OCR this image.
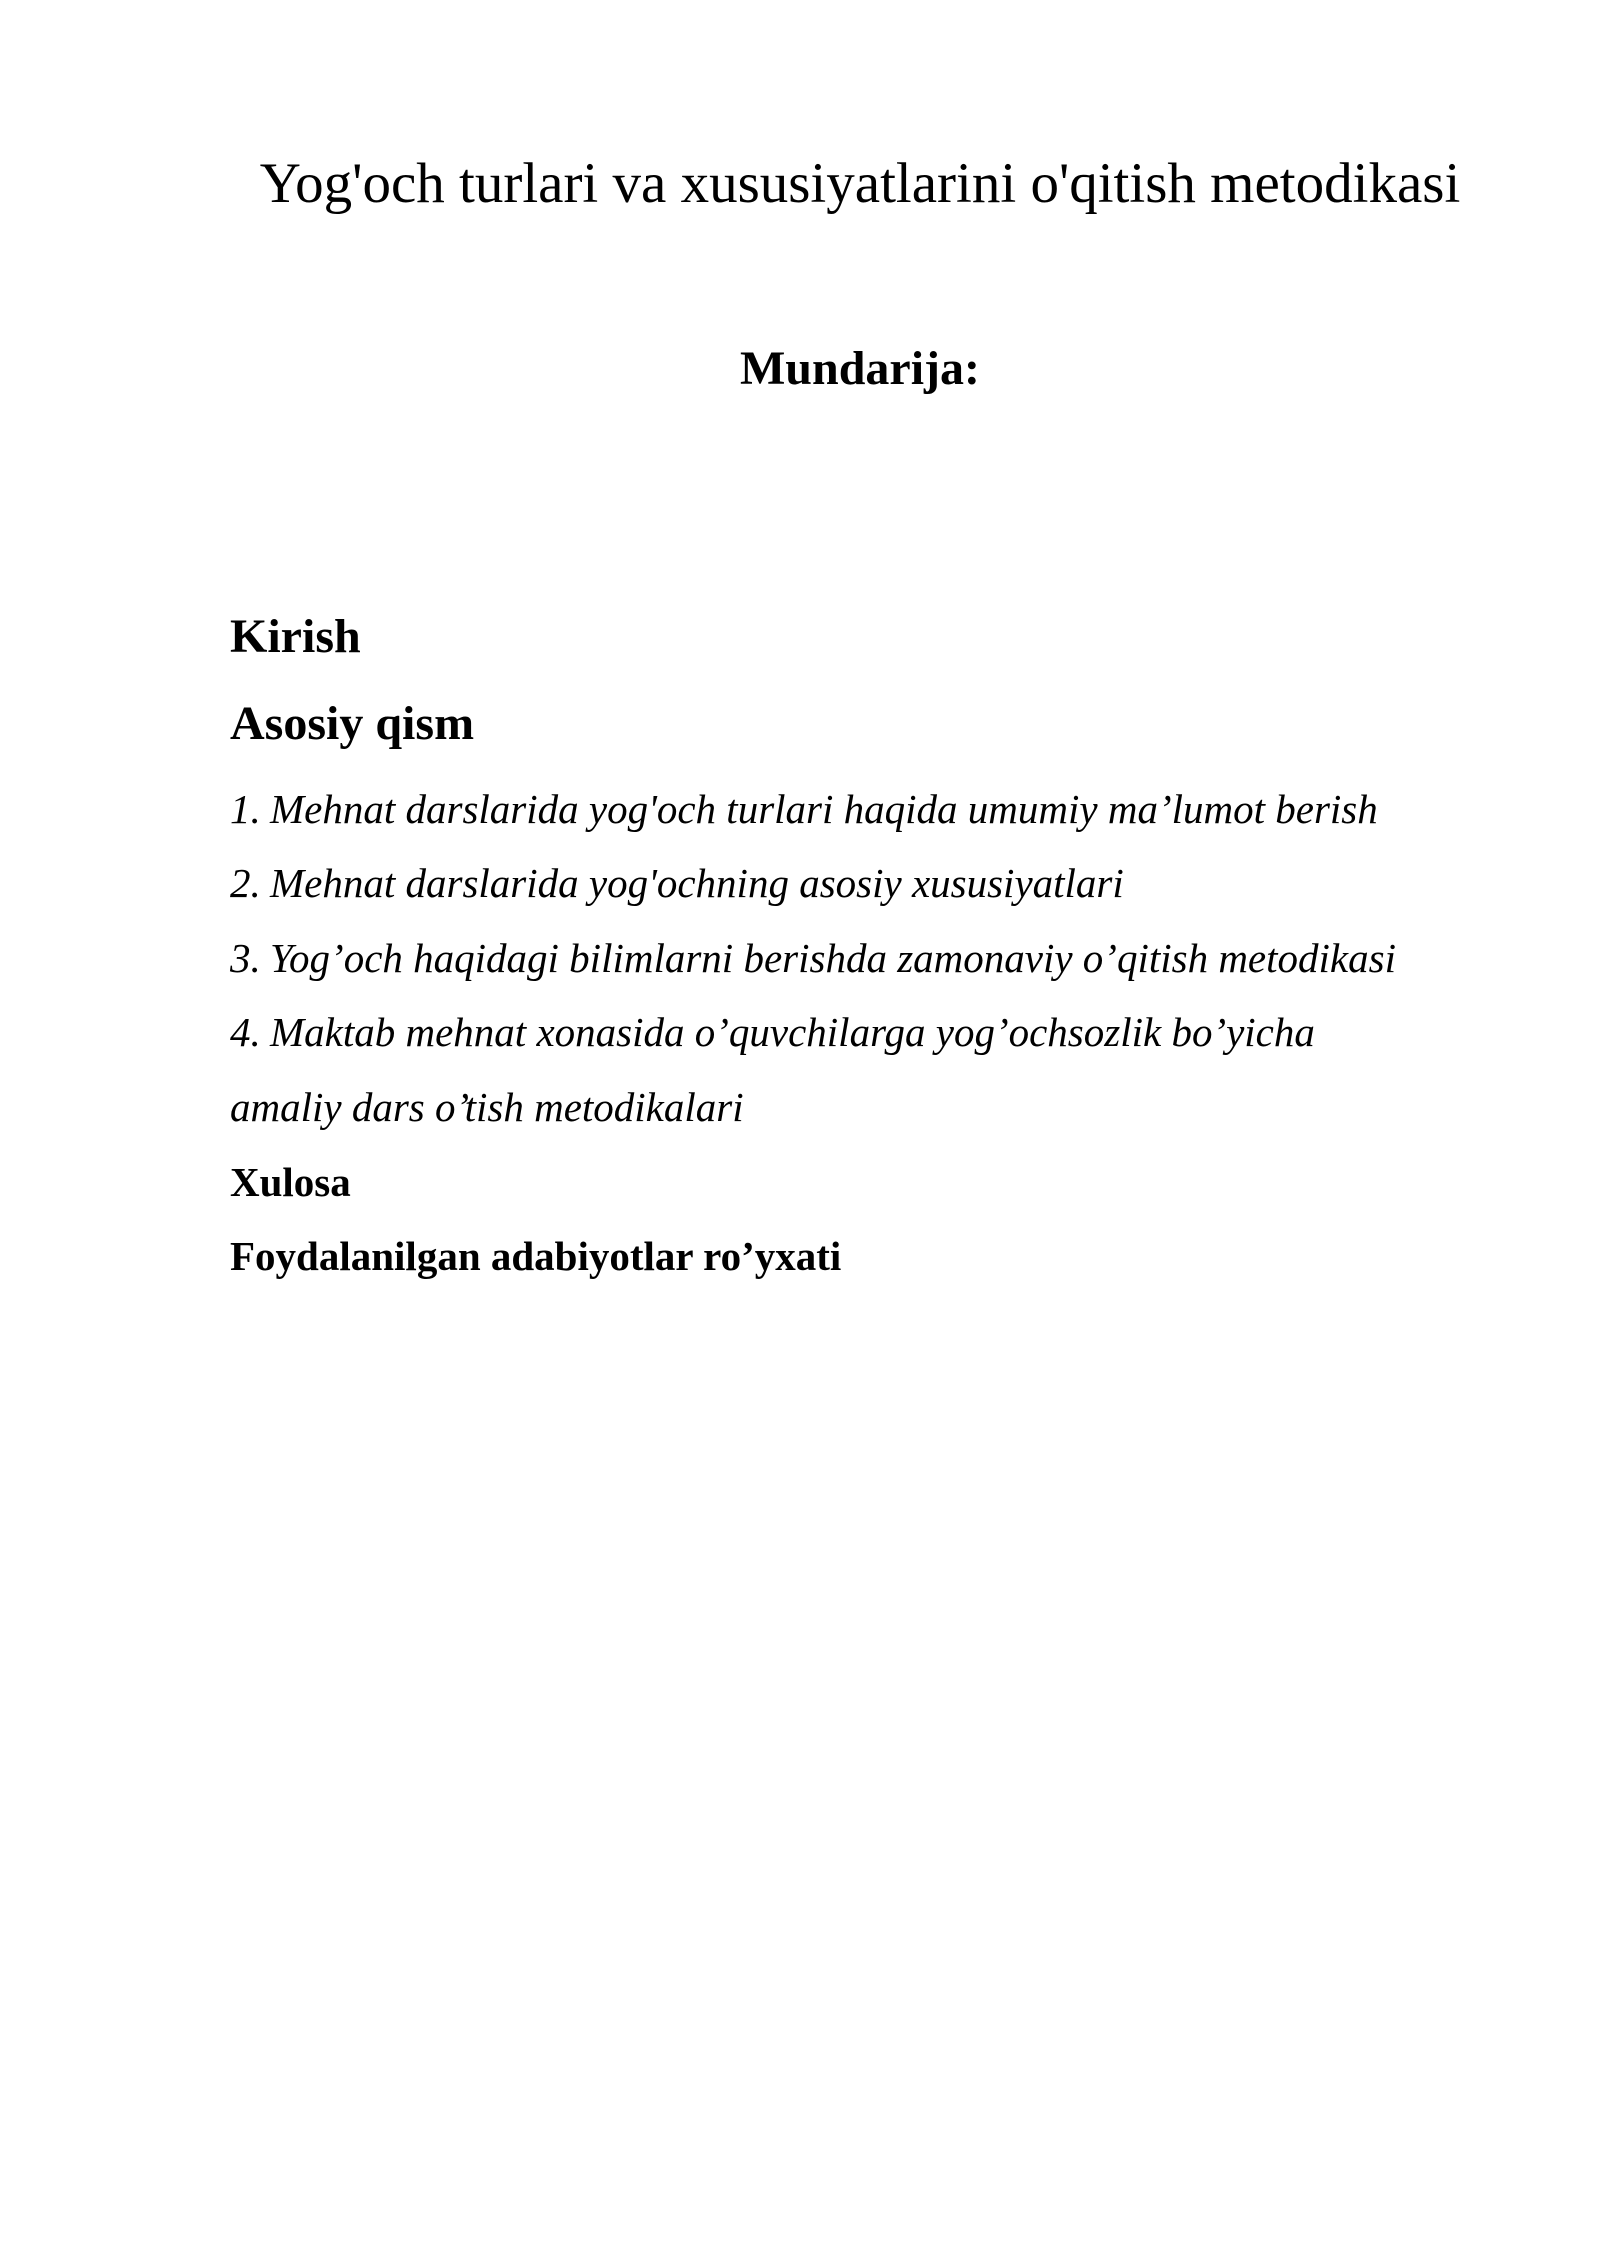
Yog'och turlari va xususiyatlarini o'qitish metodikasi
Mundarija:
Kirish
Asosiy qism
1. Mehnat darslarida yog'och turlari haqida umumiy ma’lumot berish
2. Mehnat darslarida yog'ochning asosiy xususiyatlari
3. Yog’och haqidagi bilimlarni berishda zamonaviy o’qitish metodikasi
4. Maktab mehnat xonasida o’quvchilarga yog’ochsozlik bo’yicha
amaliy dars o’tish metodikalari
Xulosa
Foydalanilgan adabiyotlar ro’yxati
